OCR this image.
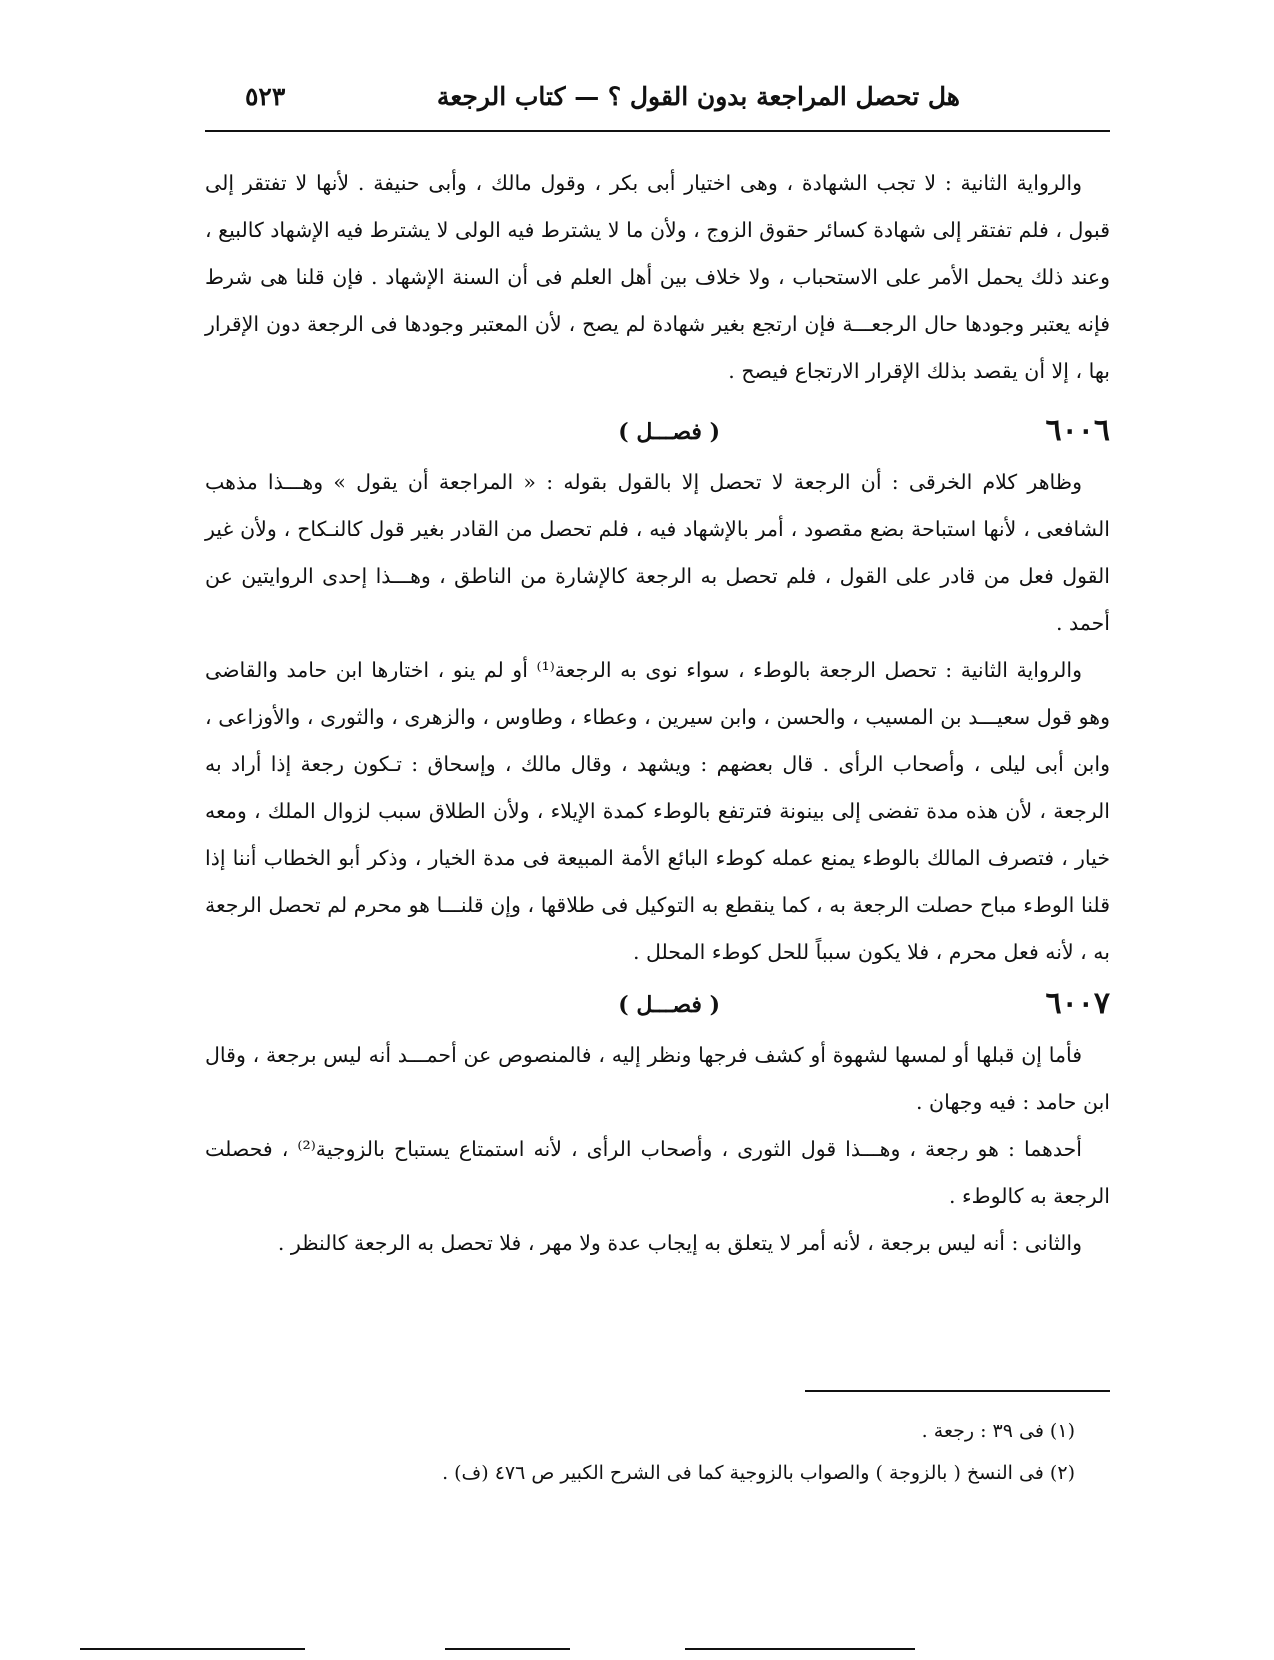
هل تحصل المراجعة بدون القول ؟ — كتاب الرجعة
٥٢٣

والرواية الثانية : لا تجب الشهادة ، وهى اختيار أبى بكر ، وقول مالك ، وأبى حنيفة . لأنها لا تفتقر إلى قبول ، فلم تفتقر إلى شهادة كسائر حقوق الزوج ، ولأن ما لا يشترط فيه الولى لا يشترط فيه الإشهاد كالبيع ، وعند ذلك يحمل الأمر على الاستحباب ، ولا خلاف بين أهل العلم فى أن السنة الإشهاد . فإن قلنا هى شرط فإنه يعتبر وجودها حال الرجعـــة فإن ارتجع بغير شهادة لم يصح ، لأن المعتبر وجودها فى الرجعة دون الإقرار بها ، إلا أن يقصد بذلك الإقرار الارتجاع فيصح .

٦٠٠٦
( فصـــل )

وظاهر كلام الخرقى : أن الرجعة لا تحصل إلا بالقول بقوله : « المراجعة أن يقول » وهـــذا مذهب الشافعى ، لأنها استباحة بضع مقصود ، أمر بالإشهاد فيه ، فلم تحصل من القادر بغير قول كالنـكاح ، ولأن غير القول فعل من قادر على القول ، فلم تحصل به الرجعة كالإشارة من الناطق ، وهـــذا إحدى الروايتين عن أحمد .

والرواية الثانية : تحصل الرجعة بالوطء ، سواء نوى به الرجعة⁽¹⁾ أو لم ينو ، اختارها ابن حامد والقاضى وهو قول سعيـــد بن المسيب ، والحسن ، وابن سيرين ، وعطاء ، وطاوس ، والزهرى ، والثورى ، والأوزاعى ، وابن أبى ليلى ، وأصحاب الرأى . قال بعضهم : ويشهد ، وقال مالك ، وإسحاق : تـكون رجعة إذا أراد به الرجعة ، لأن هذه مدة تفضى إلى بينونة فترتفع بالوطء كمدة الإيلاء ، ولأن الطلاق سبب لزوال الملك ، ومعه خيار ، فتصرف المالك بالوطء يمنع عمله كوطء البائع الأمة المبيعة فى مدة الخيار ، وذكر أبو الخطاب أننا إذا قلنا الوطء مباح حصلت الرجعة به ، كما ينقطع به التوكيل فى طلاقها ، وإن قلنـــا هو محرم لم تحصل الرجعة به ، لأنه فعل محرم ، فلا يكون سبباً للحل كوطء المحلل .

٦٠٠٧
( فصـــل )

فأما إن قبلها أو لمسها لشهوة أو كشف فرجها ونظر إليه ، فالمنصوص عن أحمـــد أنه ليس برجعة ، وقال ابن حامد : فيه وجهان .

أحدهما : هو رجعة ، وهـــذا قول الثورى ، وأصحاب الرأى ، لأنه استمتاع يستباح بالزوجية⁽²⁾ ، فحصلت الرجعة به كالوطء .

والثانى : أنه ليس برجعة ، لأنه أمر لا يتعلق به إيجاب عدة ولا مهر ، فلا تحصل به الرجعة كالنظر .

(١) فى ٣٩ : رجعة .

(٢) فى النسخ ( بالزوجة ) والصواب بالزوجية كما فى الشرح الكبير ص ٤٧٦ (ف) .
